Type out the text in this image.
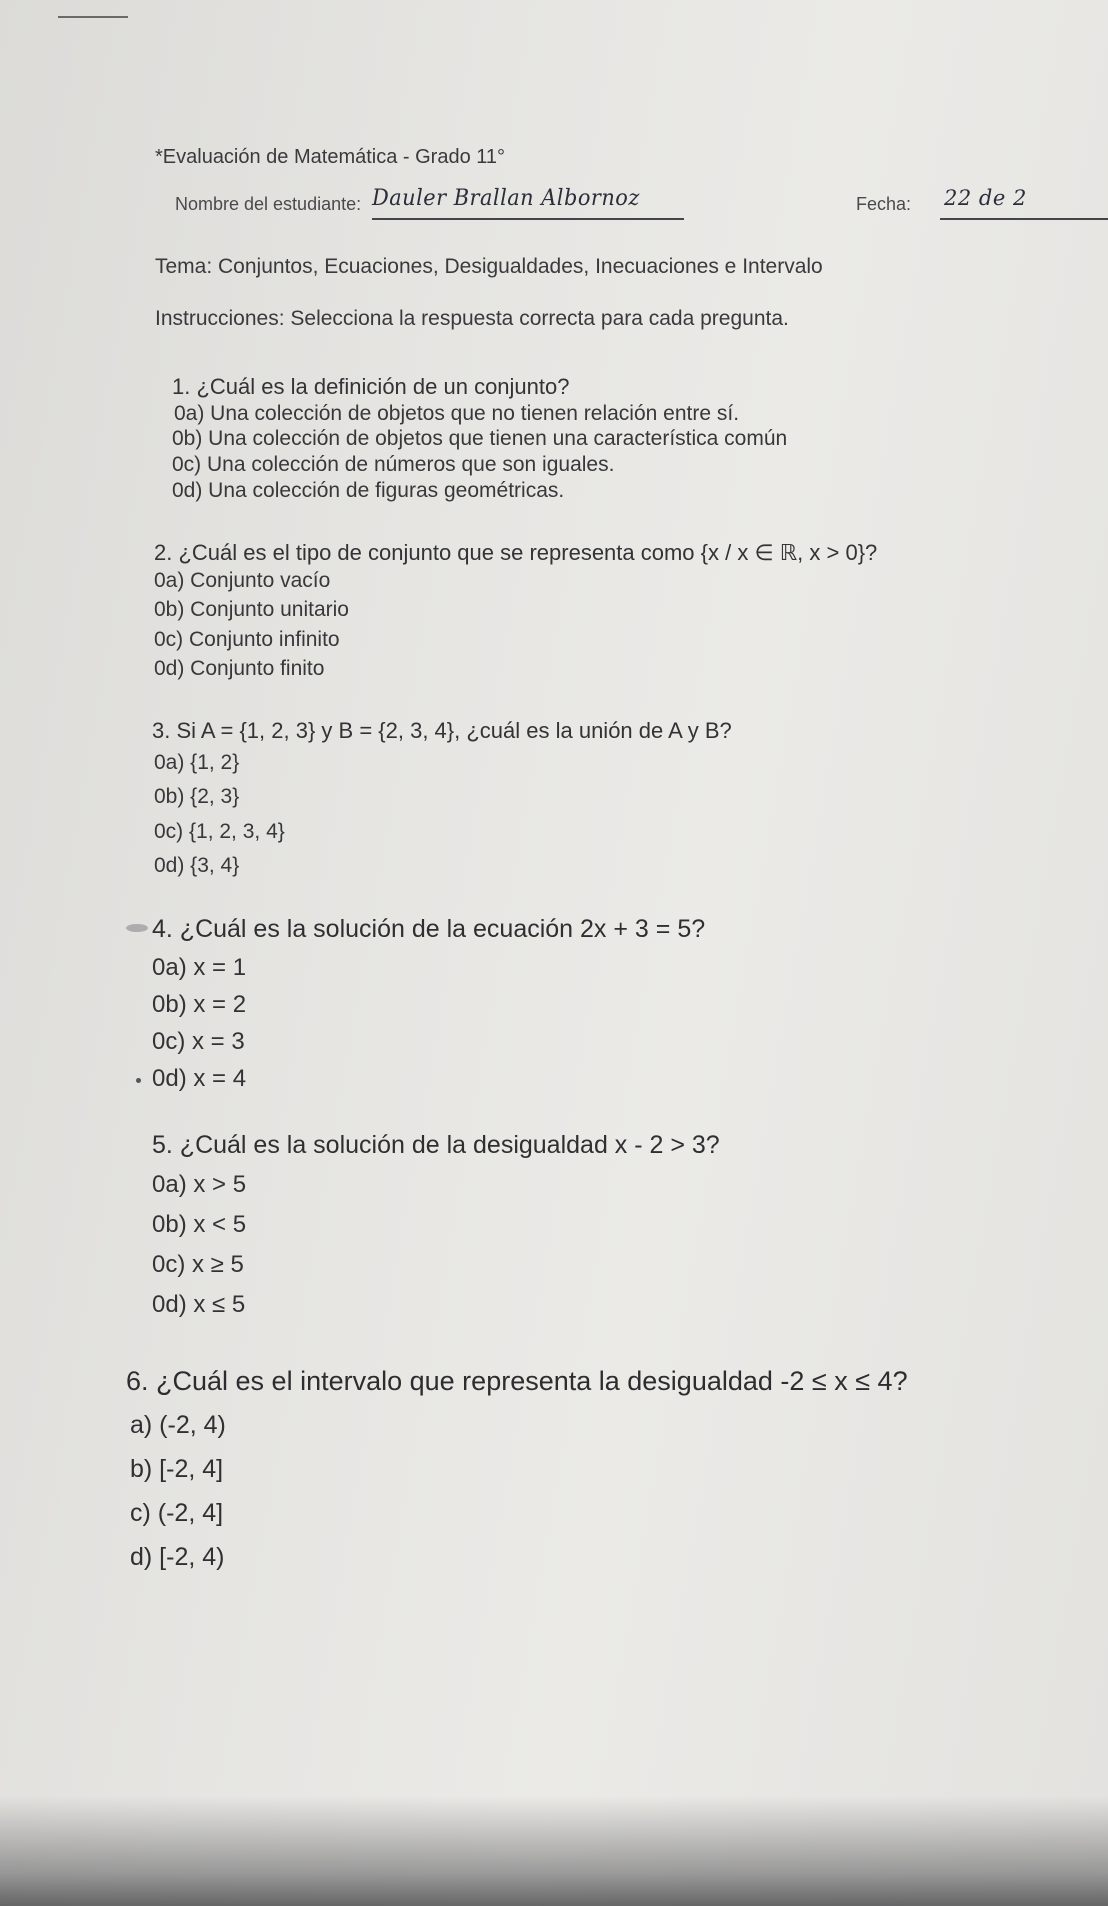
*Evaluación de Matemática - Grado 11°
Nombre del estudiante: Dauler Brallan Albornoz	Fecha: 22 de 2
Tema: Conjuntos, Ecuaciones, Desigualdades, Inecuaciones e Intervalo
Instrucciones: Selecciona la respuesta correcta para cada pregunta.
1. ¿Cuál es la definición de un conjunto?
0a) Una colección de objetos que no tienen relación entre sí.
0b) Una colección de objetos que tienen una característica común
0c) Una colección de números que son iguales.
0d) Una colección de figuras geométricas.
2. ¿Cuál es el tipo de conjunto que se representa como {x / x ∈ ℝ, x > 0}?
0a) Conjunto vacío
0b) Conjunto unitario
0c) Conjunto infinito
0d) Conjunto finito
3. Si A = {1, 2, 3} y B = {2, 3, 4}, ¿cuál es la unión de A y B?
0a) {1, 2}
0b) {2, 3}
0c) {1, 2, 3, 4}
0d) {3, 4}
4. ¿Cuál es la solución de la ecuación 2x + 3 = 5?
0a) x = 1
0b) x = 2
0c) x = 3
0d) x = 4
5. ¿Cuál es la solución de la desigualdad x - 2 > 3?
0a) x > 5
0b) x < 5
0c) x ≥ 5
0d) x ≤ 5
6. ¿Cuál es el intervalo que representa la desigualdad -2 ≤ x ≤ 4?
a) (-2, 4)
b) [-2, 4]
c) (-2, 4]
d) [-2, 4)
